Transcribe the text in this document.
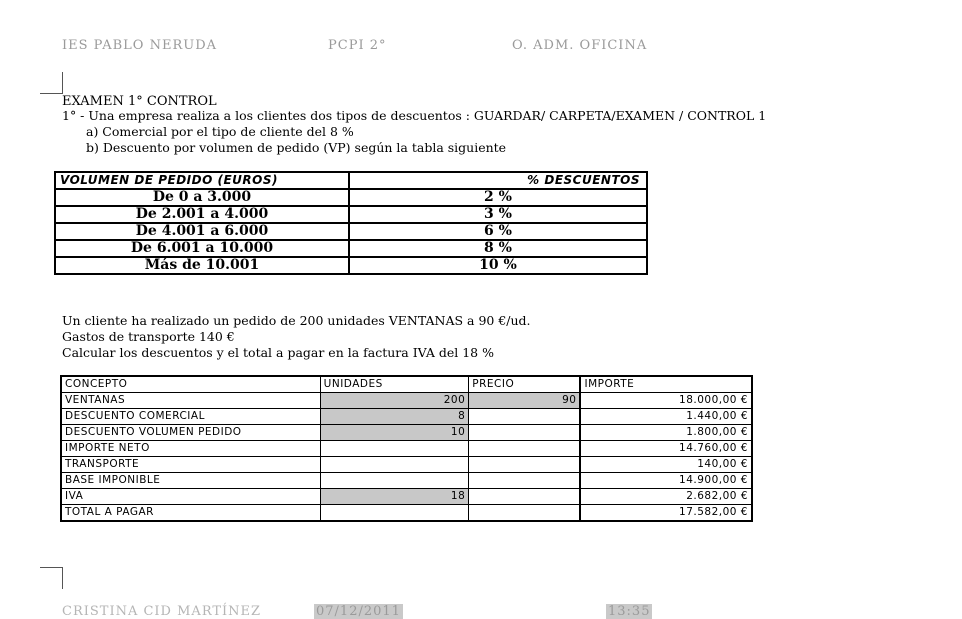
IES PABLO NERUDA	PCPI 2°	O. ADM. OFICINA
EXAMEN 1° CONTROL
1° - Una empresa realiza a los clientes dos tipos de descuentos : GUARDAR/ CARPETA/EXAMEN / CONTROL 1
a) Comercial por el tipo de cliente del 8 %
b) Descuento por volumen de pedido (VP) según la tabla siguiente
VOLUMEN DE PEDIDO (EUROS)	% DESCUENTOS
De 0 a 3.000	2 %
De 2.001 a 4.000	3 %
De 4.001 a 6.000	6 %
De 6.001 a 10.000	8 %
Más de 10.001	10 %
Un cliente ha realizado un pedido de 200 unidades VENTANAS a 90 €/ud.
Gastos de transporte 140 €
Calcular los descuentos y el total a pagar en la factura IVA del 18 %
CONCEPTO	UNIDADES	PRECIO	IMPORTE
VENTANAS	200	90	18.000,00 €
DESCUENTO COMERCIAL	8		1.440,00 €
DESCUENTO VOLUMEN PEDIDO	10		1.800,00 €
IMPORTE NETO			14.760,00 €
TRANSPORTE			140,00 €
BASE IMPONIBLE			14.900,00 €
IVA	18		2.682,00 €
TOTAL A PAGAR			17.582,00 €
CRISTINA CID MARTÍNEZ	07/12/2011	13:35
